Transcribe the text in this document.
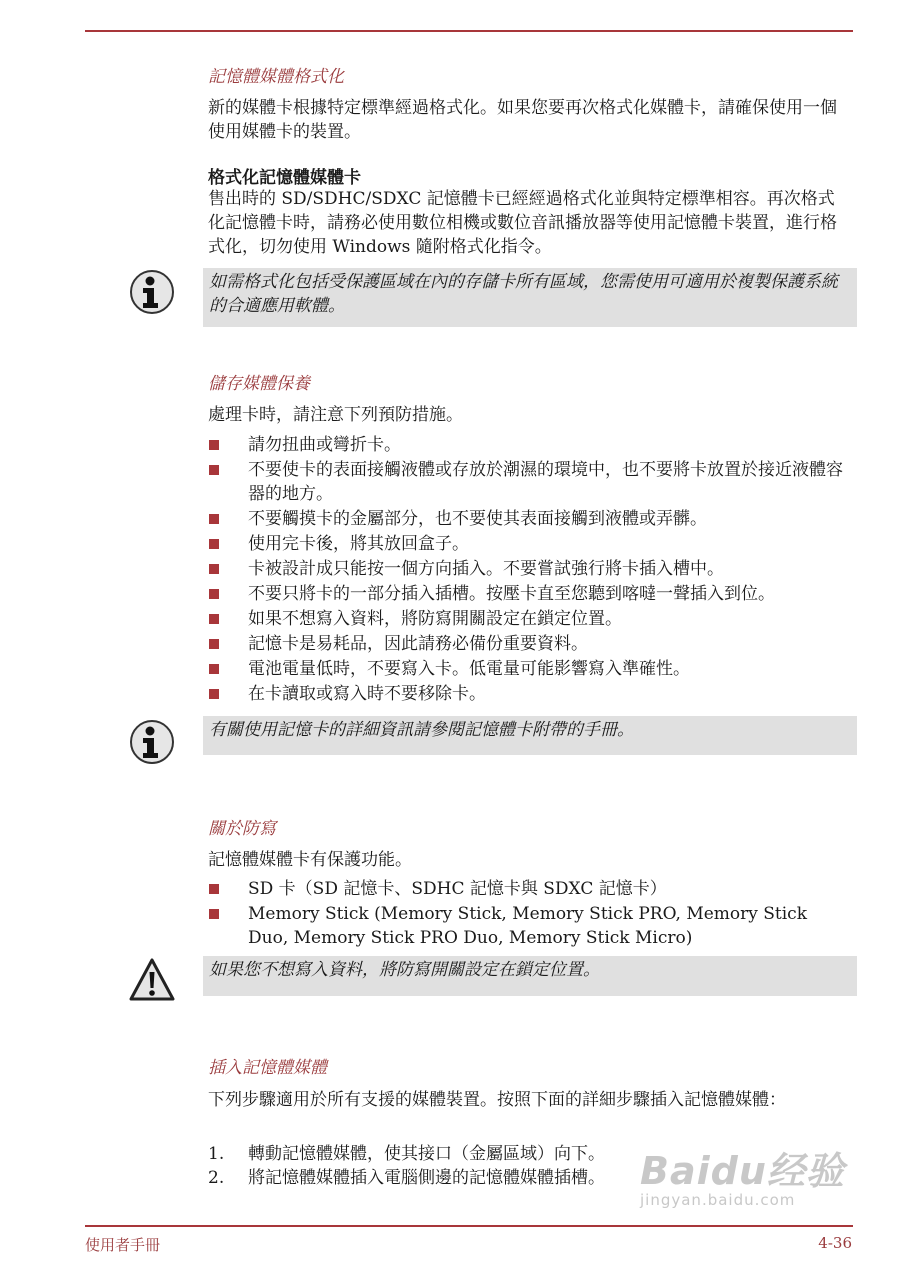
記憶體媒體格式化
新的媒體卡根據特定標準經過格式化。如果您要再次格式化媒體卡，請確保使用一個使用媒體卡的裝置。
格式化記憶體媒體卡
售出時的 SD/SDHC/SDXC 記憶體卡已經經過格式化並與特定標準相容。再次格式化記憶體卡時，請務必使用數位相機或數位音訊播放器等使用記憶體卡裝置，進行格式化，切勿使用 Windows 隨附格式化指令。
如需格式化包括受保護區域在內的存儲卡所有區域，您需使用可適用於複製保護系統的合適應用軟體。
儲存媒體保養
處理卡時，請注意下列預防措施。
請勿扭曲或彎折卡。
不要使卡的表面接觸液體或存放於潮濕的環境中，也不要將卡放置於接近液體容器的地方。
不要觸摸卡的金屬部分，也不要使其表面接觸到液體或弄髒。
使用完卡後，將其放回盒子。
卡被設計成只能按一個方向插入。不要嘗試強行將卡插入槽中。
不要只將卡的一部分插入插槽。按壓卡直至您聽到喀噠一聲插入到位。
如果不想寫入資料，將防寫開關設定在鎖定位置。
記憶卡是易耗品，因此請務必備份重要資料。
電池電量低時，不要寫入卡。低電量可能影響寫入準確性。
在卡讀取或寫入時不要移除卡。
有關使用記憶卡的詳細資訊請參閱記憶體卡附帶的手冊。
關於防寫
記憶體媒體卡有保護功能。
SD 卡（SD 記憶卡、SDHC 記憶卡與 SDXC 記憶卡）
Memory Stick (Memory Stick, Memory Stick PRO, Memory Stick Duo, Memory Stick PRO Duo, Memory Stick Micro)
如果您不想寫入資料，將防寫開關設定在鎖定位置。
插入記憶體媒體
下列步驟適用於所有支援的媒體裝置。按照下面的詳細步驟插入記憶體媒體：
1. 轉動記憶體媒體，使其接口（金屬區域）向下。
2. 將記憶體媒體插入電腦側邊的記憶體媒體插槽。 Baidu经验
jingyan.baidu.com
使用者手冊	4-36
